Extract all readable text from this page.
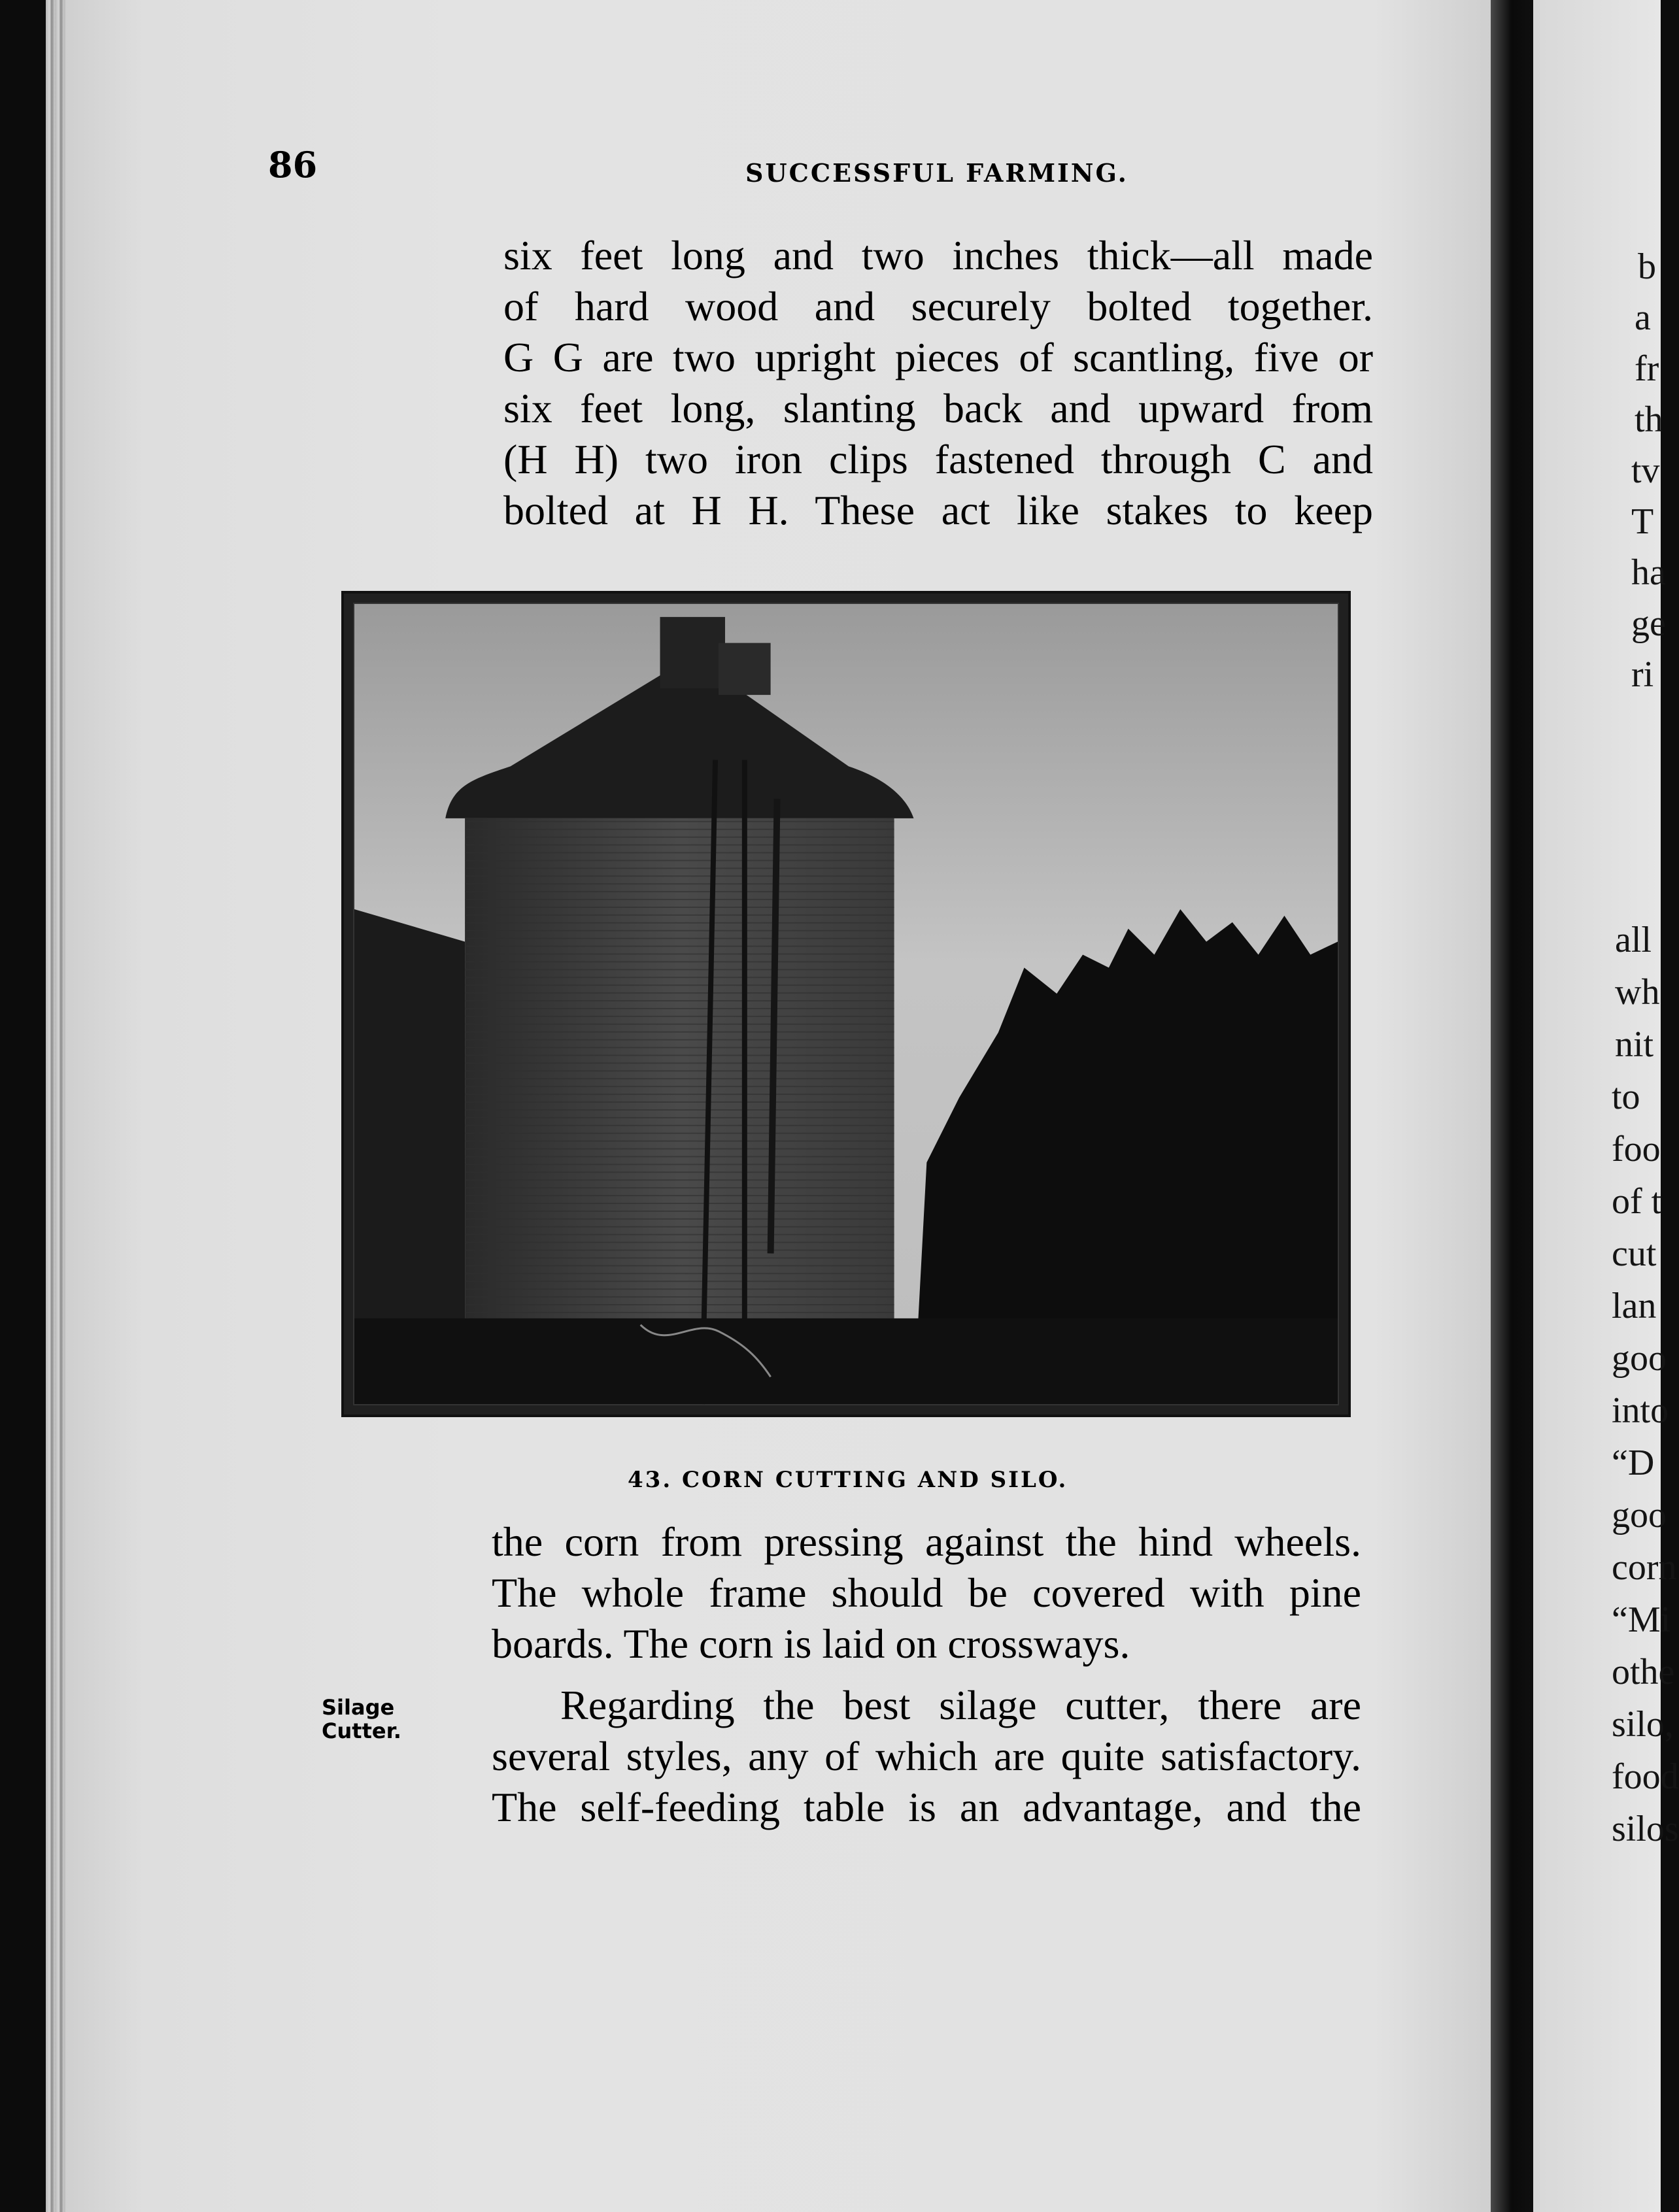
86	SUCCESSFUL FARMING.

six feet long and two inches thick—all made
of hard wood and securely bolted together.
G G are two upright pieces of scantling, five or
six feet long, slanting back and upward from
(H H) two iron clips fastened through C and
bolted at H H. These act like stakes to keep

43. CORN CUTTING AND SILO.

the corn from pressing against the hind wheels.
The whole frame should be covered with pine
boards. The corn is laid on crossways.

Silage
Cutter.

Regarding the best silage cutter, there are
several styles, any of which are quite satisfactory.
The self-feeding table is an advantage, and the

b
a
fr
th
tv
T
ha
ge
ri
all
wh
nit
to
foo
of t
cut
lan
goo
into
“D
goo
corn
“Mi
othe
silo,
food
silos
